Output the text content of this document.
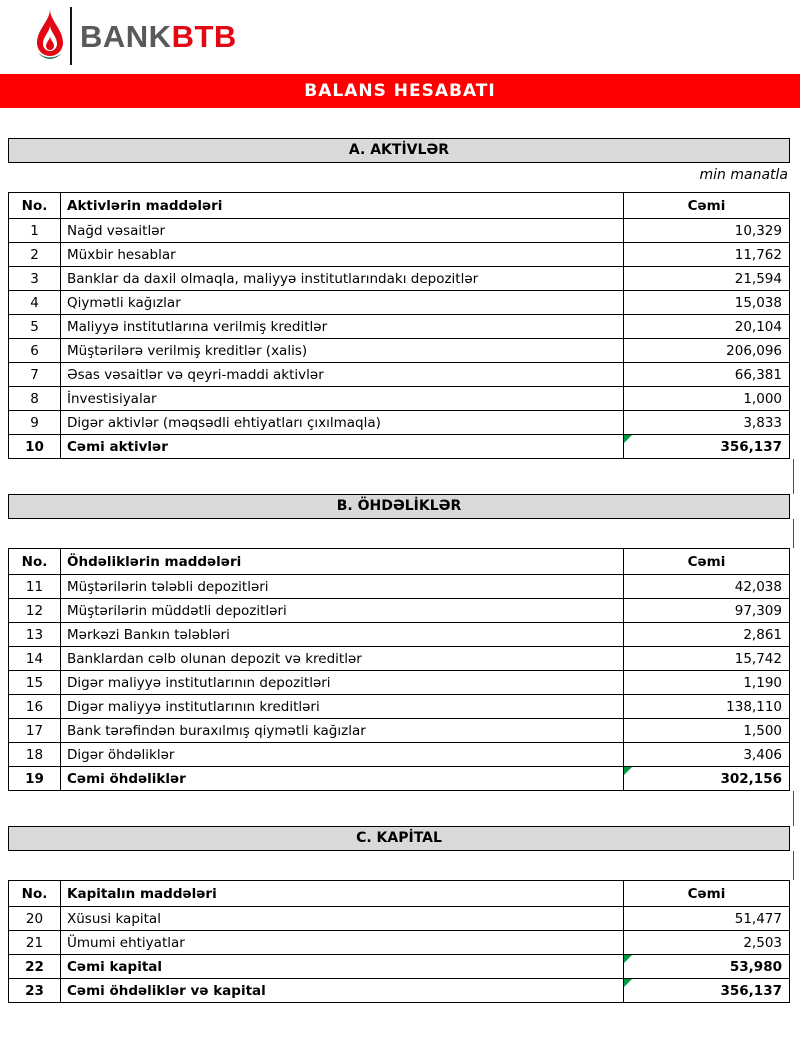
BANKBTB
BALANS HESABATI
A. AKTİVLƏR
min manatla
No.	Aktivlərin maddələri	Cəmi
1	Nağd vəsaitlər	10,329
2	Müxbir hesablar	11,762
3	Banklar da daxil olmaqla, maliyyə institutlarındakı depozitlər	21,594
4	Qiymətli kağızlar	15,038
5	Maliyyə institutlarına verilmiş kreditlər	20,104
6	Müştərilərə verilmiş kreditlər (xalis)	206,096
7	Əsas vəsaitlər və qeyri-maddi aktivlər	66,381
8	İnvestisiyalar	1,000
9	Digər aktivlər (məqsədli ehtiyatları çıxılmaqla)	3,833
10	Cəmi aktivlər	356,137
B. ÖHDƏLİKLƏR
No.	Öhdəliklərin maddələri	Cəmi
11	Müştərilərin tələbli depozitləri	42,038
12	Müştərilərin müddətli depozitləri	97,309
13	Mərkəzi Bankın tələbləri	2,861
14	Banklardan cəlb olunan depozit və kreditlər	15,742
15	Digər maliyyə institutlarının depozitləri	1,190
16	Digər maliyyə institutlarının kreditləri	138,110
17	Bank tərəfindən buraxılmış qiymətli kağızlar	1,500
18	Digər öhdəliklər	3,406
19	Cəmi öhdəliklər	302,156
C. KAPİTAL
No.	Kapitalın maddələri	Cəmi
20	Xüsusi kapital	51,477
21	Ümumi ehtiyatlar	2,503
22	Cəmi kapital	53,980
23	Cəmi öhdəliklər və kapital	356,137
